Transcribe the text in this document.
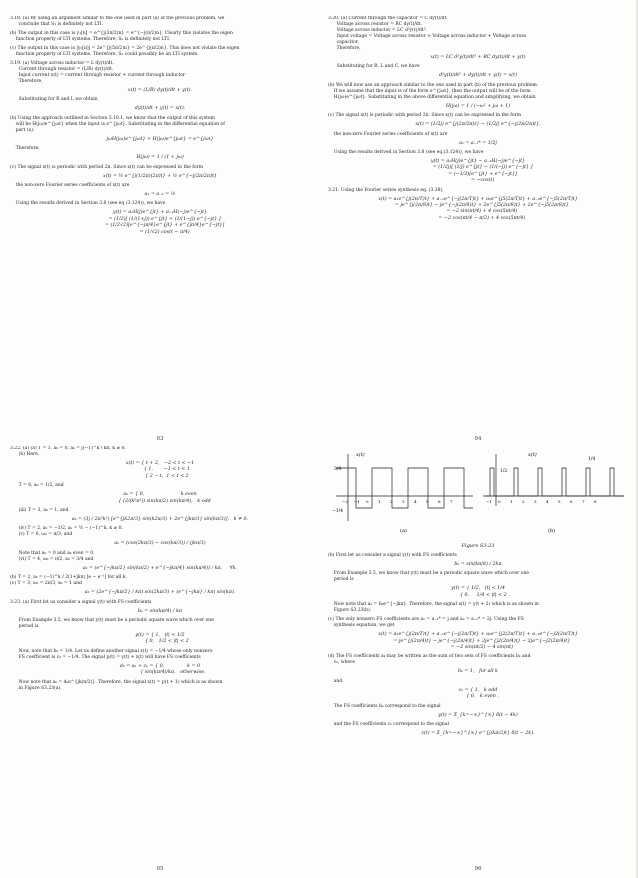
3.18. (a) By using an argument similar to the one used in part (a) of the previous problem, we
conclude that S₁ is definitely not LTI.
(b) The output in this case is y₁[n] = e^{j(3π/2)n} = e^{−j(π/2)n}. Clearly this violates the eigen
function property of LTI systems. Therefore, S₂ is definitely not LTI.
(c) The output in this case is |y₃[n]| = 2e^{j(5π/2)n} = 2e^{j(π/2)n}. This does not violate the eigen
function property of LTI systems. Therefore, S₃ could possibly be an LTI system.
3.19. (a) Voltage across inductor = L dy(t)/dt.
Current through resistor = (L/R) dy(t)/dt.
Input current x(t) = current through resistor + current through inductor
Therefore,
x(t) = (L/R) dy(t)/dt + y(t).
Substituting for R and L we obtain
dy(t)/dt + y(t) = x(t).
(b) Using the approach outlined in Section 3.10.1, we know that the output of this system
will be H(jω)e^{jωt} when the input is e^{jωt}. Substituting in the differential equation of
part (a),
jωH(jω)e^{jωt} + H(jω)e^{jωt} = e^{jωt}
Therefore,
H(jω) = 1 / (1 + jω)
(c) The signal x(t) is periodic with period 2π. Since x(t) can be expressed in the form
x(t) = ½ e^{j(1/2π)(2π)t} + ½ e^{−j(2π/2π)t}
the non-zero Fourier series coefficients of x(t) are
a₁ = a₋₁ = ½
Using the results derived in Section 3.8 (see eq (3.124)), we have
y(t) = a₁H(j)e^{jt} + a₋₁H(−j)e^{−jt}
= (1/2)[ (1/(1+j)) e^{jt} + (1/(1−j)) e^{−jt} ]
= (1/2√2)[e^{−jπ/4}e^{jt} + e^{jπ/4}e^{−jt}]
= (1/√2) cos(t − π/4)
93
3.20. (a) Current through the capacitor = C dy(t)/dt.
Voltage across resistor = RC dy(t)/dt.
Voltage across inductor = LC d²y(t)/dt².
Input voltage = Voltage across resistor + Voltage across inductor + Voltage across
capacitor.
Therefore,
x(t) = LC d²y(t)/dt² + RC dy(t)/dt + y(t)
Substituting for R, L and C, we have
d²y(t)/dt² + dy(t)/dt + y(t) = x(t)
(b) We will now use an approach similar to the one used in part (b) of the previous problem.
If we assume that the input is of the form e^{jωt}, then the output will be of the form
H(jω)e^{jωt}. Substituting in the above differential equation and simplifying, we obtain
H(jω) = 1 / (−ω² + jω + 1)
(c) The signal x(t) is periodic with period 2π. Since x(t) can be expressed in the form
x(t) = (1/2j) e^{j(2π/2π)t} − (1/2j) e^{−j(2π/2π)t},
the non-zero Fourier series coefficients of x(t) are
a₁ = a₋₁* = 1/2j
Using the results derived in Section 3.8 (see eq.(3.124)), we have
y(t) = a₁H(j)e^{jt} − a₋₁H(−j)e^{−jt}
= (1/2j)[ (1/j) e^{jt} − (1/(−j)) e^{−jt} ]
= (−1/2)[e^{jt} + e^{−jt}]
= −cos(t)
3.21. Using the Fourier series synthesis eq. (3.38),
x(t) = a₁e^{j(2π/T)t} + a₋₁e^{−j(2π/T)t} + a₅e^{j5(2π/T)t} + a₋₅e^{−j5(2π/T)t}
= je^{j(2π/8)t} − je^{−j(2π/8)t} + 2e^{j5(2π/8)t} + 2e^{−j5(2π/8)t}
= −2 sin(πt/4) + 4 cos(5πt/4)
= −2 cos(πt/4 − π/2) + 4 cos(5πt/4)
94
3.22. (a) (a) T = 1, a₀ = 0, aₖ = j(−1)^k / kπ, k ≠ 0.
(b) Here,
x(t) = { t + 2,   −2 < t < −1
{ 1,       −1 < t < 1
{ 2 − t,  1 < t < 2
T = 6, a₀ = 1/2, and
aₖ = { 0,                        k even
{ (2/(k²π²)) sin(kπ/2) sin(kπ/4),   k odd
(iii) T = 3, a₀ = 1, and
aₖ = (3j / 2π²k²) [e^{jk2π/3} sin(k2π/3) + 2e^{jkπ/3} sin(kπ/3)],   k ≠ 0.
(iv) T = 2, a₀ = −1/2, aₖ = ½ − (−1)^k, k ≠ 0.
(v) T = 6, ω₀ = π/3, and
aₖ = (cos(2kπ/3) − cos(kπ/3)) / (jkπ/3)
Note that a₀ = 0 and aₖ even = 0.
(vi) T = 4, ω₀ = π/2, a₀ = 3/4 and
aₖ = (e^{−jkπ/2} sin(kπ/2) + e^{−jkπ/4} sin(kπ/4)) / kπ,     ∀k.
(b) T = 2, aₖ = (−1)^k / 2(1+jkπ) [e − e⁻¹] for all k.
(c) T = 3, ω₀ = 2π/3, a₀ = 1 and
aₖ = (2e^{−jkπ/2} / kπ) sin(2kπ/3) + (e^{−jkπ} / kπ) sin(kπ).
3.23. (a) First let us consider a signal y(t) with FS coefficients
bₖ = sin(kπ/4) / kπ
From Example 3.5, we know that y(t) must be a periodic square wave which over one
period is
y(t) = { 1,   |t| < 1/2
{ 0,   1/2 < |t| < 2
Now, note that b₀ = 1/4. Let us define another signal z(t) = −1/4 whose only nonzero
FS coefficient is c₀ = −1/4. The signal p(t) = y(t) + z(t) will have FS coefficients
dₖ = aₖ + cₖ = { 0,               k = 0
{ sin(kπ/4)/kπ,   otherwise.
Now note that aₖ = dₖe^{jk(π/2)}. Therefore, the signal x(t) = p(t + 1) which is as shown
in Figure S3.23(a).
95
x(t)
3/4
−1/4
(a)
x(t)
1/2
1/4
(b)
−2 −1 0 1 2 3 4 5 6 7	−1 0 1 2 3 4 5 6 7 8
Figure S3.23
(b) First let us consider a signal y(t) with FS coefficients
bₖ = sin(kπ/8) / 2kπ
From Example 3.5, we know that y(t) must be a periodic square wave which over one
period is
y(t) = { 1/2,   |t| < 1/4
{ 0,     1/4 < |t| < 2 .
Now note that aₖ = bₖe^{−jkπ}. Therefore, the signal x(t) = y(t + 2) which is as shown in
Figure S3.23(b).
(c) The only nonzero FS coefficients are a₁ = a₋₁* = j and a₂ = a₋₂* = 2j. Using the FS
synthesis equation, we get
x(t) = a₁e^{j(2π/T)t} + a₋₁e^{−j(2π/T)t} + a₂e^{j2(2π/T)t} + a₋₂e^{−j2(2π/T)t}
= je^{j(2π/4)t} − je^{−j(2π/4)t} + 2je^{j2(2π/4)t} − 2je^{−j2(2π/4)t}
= −2 sin(πt/2) − 4 sin(πt)
(d) The FS coefficients aₖ may be written as the sum of two sets of FS coefficients bₖ and
cₖ, where
bₖ = 1,   for all k
and
cₖ = { 1,   k odd
{ 0,   k even .
The FS coefficients bₖ correspond to the signal
y(t) = Σ_{k=−∞}^{∞} δ(t − 4k)
and the FS coefficients cₖ correspond to the signal
z(t) = Σ_{k=−∞}^{∞} e^{j(kπ/2)t} δ(t − 2k).
96
